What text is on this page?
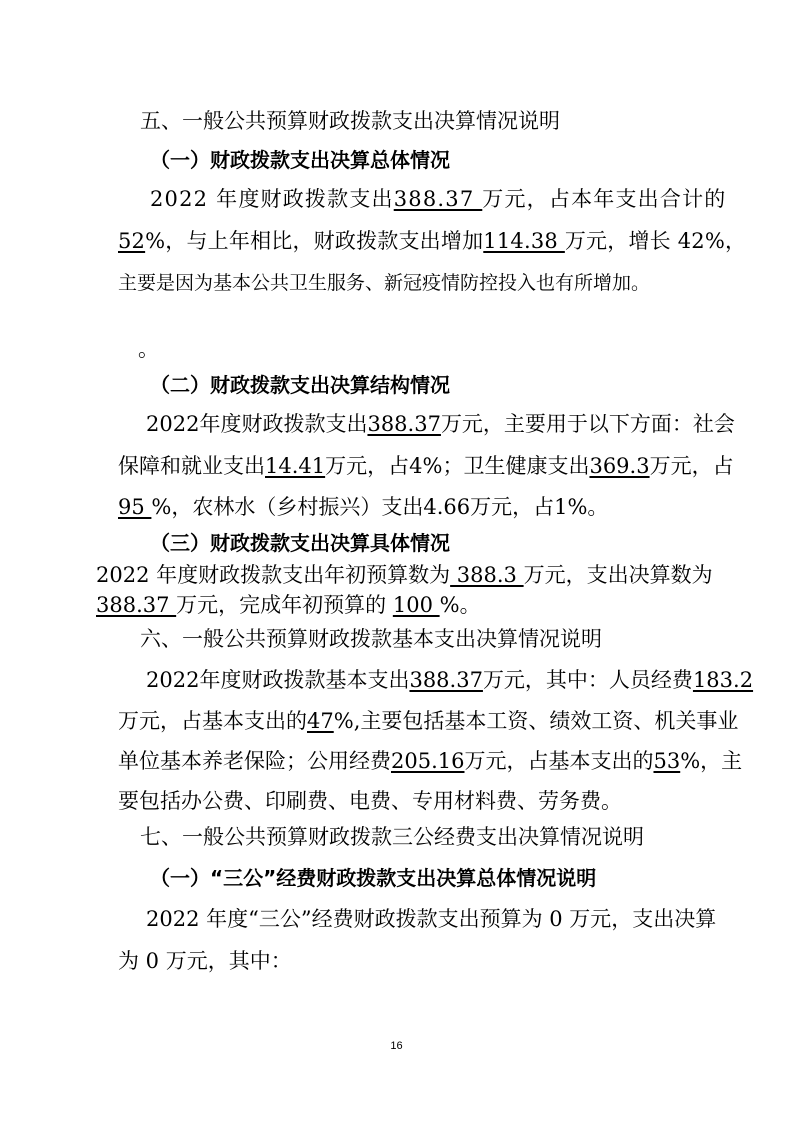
五、一般公共预算财政拨款支出决算情况说明
（一）财政拨款支出决算总体情况
2022 年度财政拨款支出388.37 万元，占本年支出合计的
52%，与上年相比，财政拨款支出增加114.38 万元，增长 42%，
主要是因为基本公共卫生服务、新冠疫情防控投入也有所增加。
。
（二）财政拨款支出决算结构情况
2022年度财政拨款支出388.37万元，主要用于以下方面：社会
保障和就业支出14.41万元，占4%；卫生健康支出369.3万元，占
95 %，农林水（乡村振兴）支出4.66万元，占1%。
（三）财政拨款支出决算具体情况
2022 年度财政拨款支出年初预算数为 388.3 万元，支出决算数为
388.37 万元，完成年初预算的 100 %。
六、一般公共预算财政拨款基本支出决算情况说明
2022年度财政拨款基本支出388.37万元，其中：人员经费183.2
万元，占基本支出的47%,主要包括基本工资、绩效工资、机关事业
单位基本养老保险；公用经费205.16万元，占基本支出的53%，主
要包括办公费、印刷费、电费、专用材料费、劳务费。
七、一般公共预算财政拨款三公经费支出决算情况说明
（一）“三公”经费财政拨款支出决算总体情况说明
2022 年度“三公”经费财政拨款支出预算为 0 万元，支出决算
为 0 万元，其中：
16
